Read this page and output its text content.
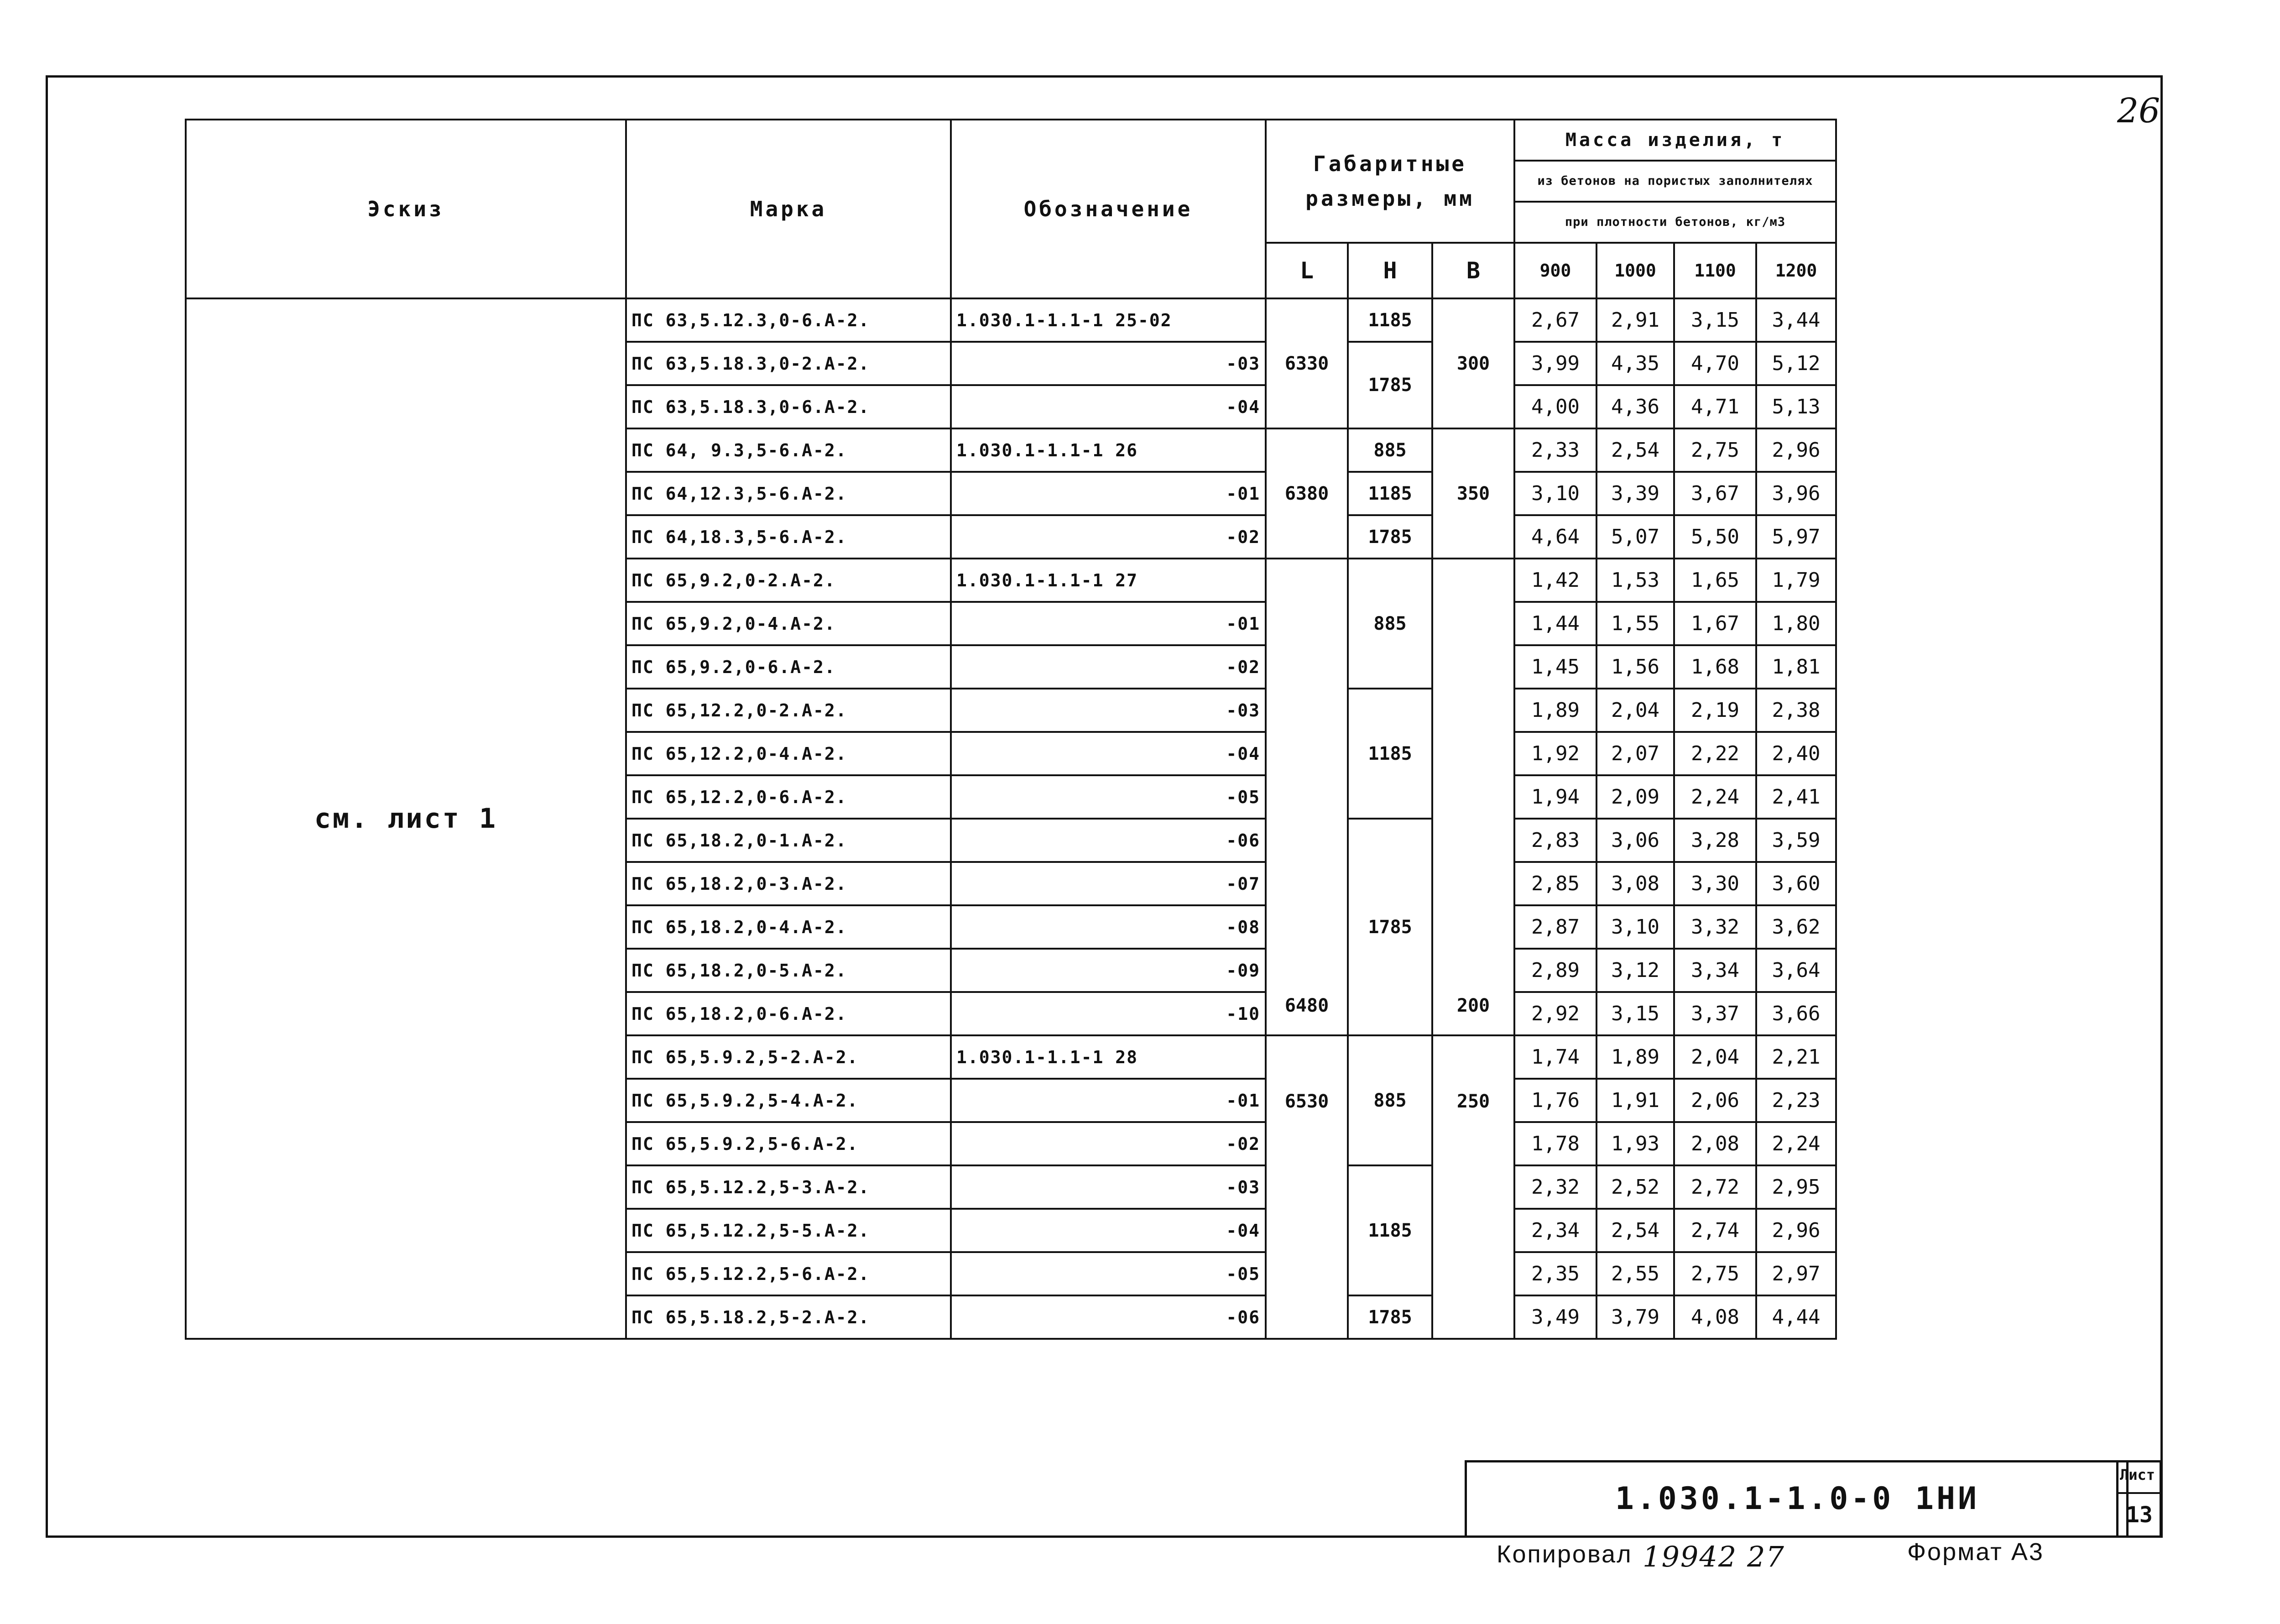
26
Эскиз	Марка	Обозначение	Габаритные размеры, мм			Масса изделия, т			
						из бетонов на пористых заполнителях			
						при плотности бетонов, кг/м3			
			L	H	B	900	1000	1100	1200
см. лист 1	ПС 63,5.12.3,0-6.А-2.	1.030.1-1.1-1 25-02	6330	1185	300	2,67	2,91	3,15	3,44
	ПС 63,5.18.3,0-2.А-2.	-03		1785		3,99	4,35	4,70	5,12
	ПС 63,5.18.3,0-6.А-2.	-04				4,00	4,36	4,71	5,13
	ПС 64, 9.3,5-6.А-2.	1.030.1-1.1-1 26	6380	885	350	2,33	2,54	2,75	2,96
	ПС 64,12.3,5-6.А-2.	-01		1185		3,10	3,39	3,67	3,96
	ПС 64,18.3,5-6.А-2.	-02		1785		4,64	5,07	5,50	5,97
	ПС 65,9.2,0-2.А-2.	1.030.1-1.1-1 27	6480	885	200	1,42	1,53	1,65	1,79
	ПС 65,9.2,0-4.А-2.	-01				1,44	1,55	1,67	1,80
	ПС 65,9.2,0-6.А-2.	-02				1,45	1,56	1,68	1,81
	ПС 65,12.2,0-2.А-2.	-03		1185		1,89	2,04	2,19	2,38
	ПС 65,12.2,0-4.А-2.	-04				1,92	2,07	2,22	2,40
	ПС 65,12.2,0-6.А-2.	-05				1,94	2,09	2,24	2,41
	ПС 65,18.2,0-1.А-2.	-06		1785		2,83	3,06	3,28	3,59
	ПС 65,18.2,0-3.А-2.	-07				2,85	3,08	3,30	3,60
	ПС 65,18.2,0-4.А-2.	-08				2,87	3,10	3,32	3,62
	ПС 65,18.2,0-5.А-2.	-09				2,89	3,12	3,34	3,64
	ПС 65,18.2,0-6.А-2.	-10				2,92	3,15	3,37	3,66
	ПС 65,5.9.2,5-2.А-2.	1.030.1-1.1-1 28	6530	885	250	1,74	1,89	2,04	2,21
	ПС 65,5.9.2,5-4.А-2.	-01				1,76	1,91	2,06	2,23
	ПС 65,5.9.2,5-6.А-2.	-02				1,78	1,93	2,08	2,24
	ПС 65,5.12.2,5-3.А-2.	-03		1185		2,32	2,52	2,72	2,95
	ПС 65,5.12.2,5-5.А-2.	-04				2,34	2,54	2,74	2,96
	ПС 65,5.12.2,5-6.А-2.	-05				2,35	2,55	2,75	2,97
	ПС 65,5.18.2,5-2.А-2.	-06		1785		3,49	3,79	4,08	4,44
1.030.1-1.0-0 1НИ
Лист
13
Копировал 19942 27	Формат А3
